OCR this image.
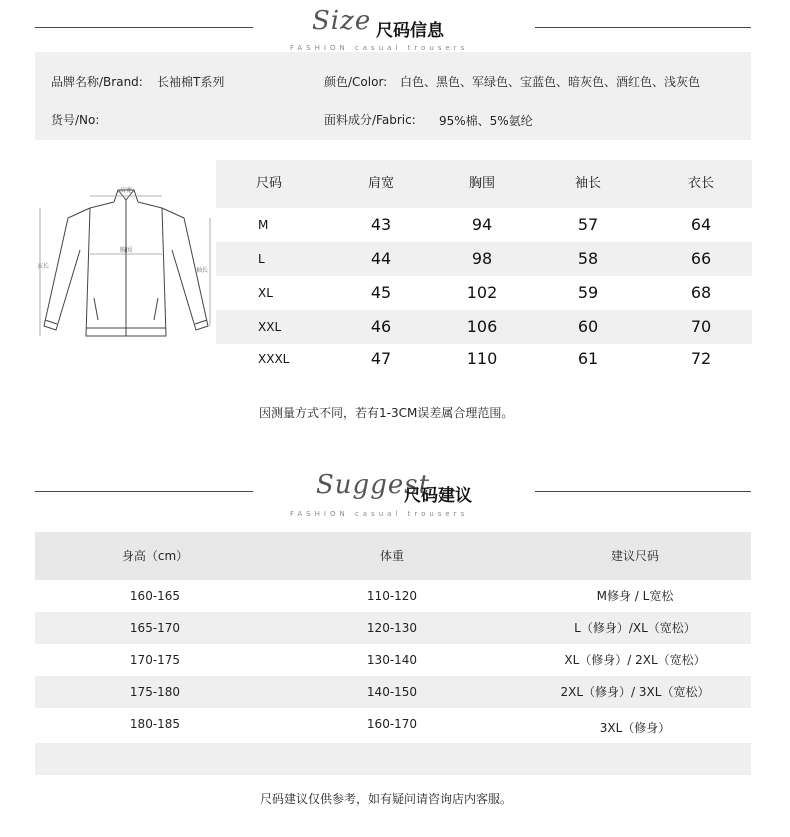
Size 尺码信息
FASHION casual trousers
品牌名称/Brand: 长袖棉T系列
货号/No:
颜色/Color: 白色、黑色、军绿色、宝蓝色、暗灰色、酒红色、浅灰色
面料成分/Fabric: 95%棉、5%氨纶
肩宽
胸围
衣长
袖长
尺码	肩宽	胸围	袖长	衣长
M	43	94	57	64
L	44	98	58	66
XL	45	102	59	68
XXL	46	106	60	70
XXXL	47	110	61	72
因测量方式不同，若有1-3CM误差属合理范围。
Suggest
尺码建议
FASHION casual trousers
身高（cm）	体重	建议尺码
160-165	110-120	M修身 / L宽松
165-170	120-130	L（修身）/XL（宽松）
170-175	130-140	XL（修身）/ 2XL（宽松）
175-180	140-150	2XL（修身）/ 3XL（宽松）
180-185	160-170	3XL（修身）
尺码建议仅供参考，如有疑问请咨询店内客服。
